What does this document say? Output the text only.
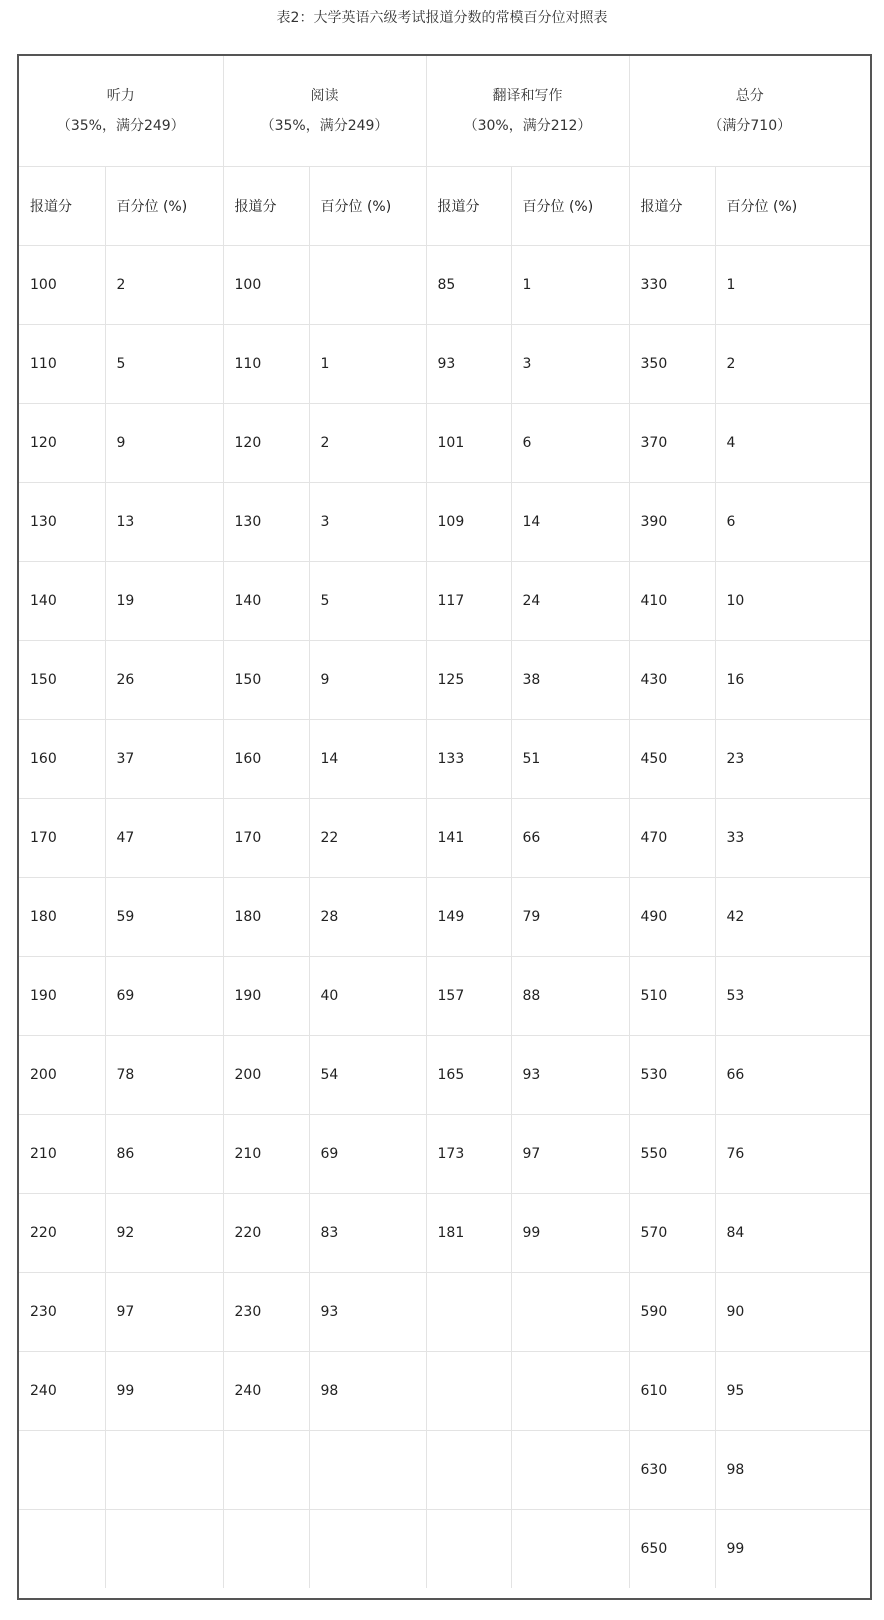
表2：大学英语六级考试报道分数的常模百分位对照表
听力
（35%，满分249）		阅读
（35%，满分249）		翻译和写作
（30%，满分212）		总分
（满分710）	

报道分	百分位 (%)	报道分	百分位 (%)	报道分	百分位 (%)	报道分	百分位 (%)
100	2	100		85	1	330	1
110	5	110	1	93	3	350	2
120	9	120	2	101	6	370	4
130	13	130	3	109	14	390	6
140	19	140	5	117	24	410	10
150	26	150	9	125	38	430	16
160	37	160	14	133	51	450	23
170	47	170	22	141	66	470	33
180	59	180	28	149	79	490	42
190	69	190	40	157	88	510	53
200	78	200	54	165	93	530	66
210	86	210	69	173	97	550	76
220	92	220	83	181	99	570	84
230	97	230	93			590	90
240	99	240	98			610	95
						630	98
						650	99
